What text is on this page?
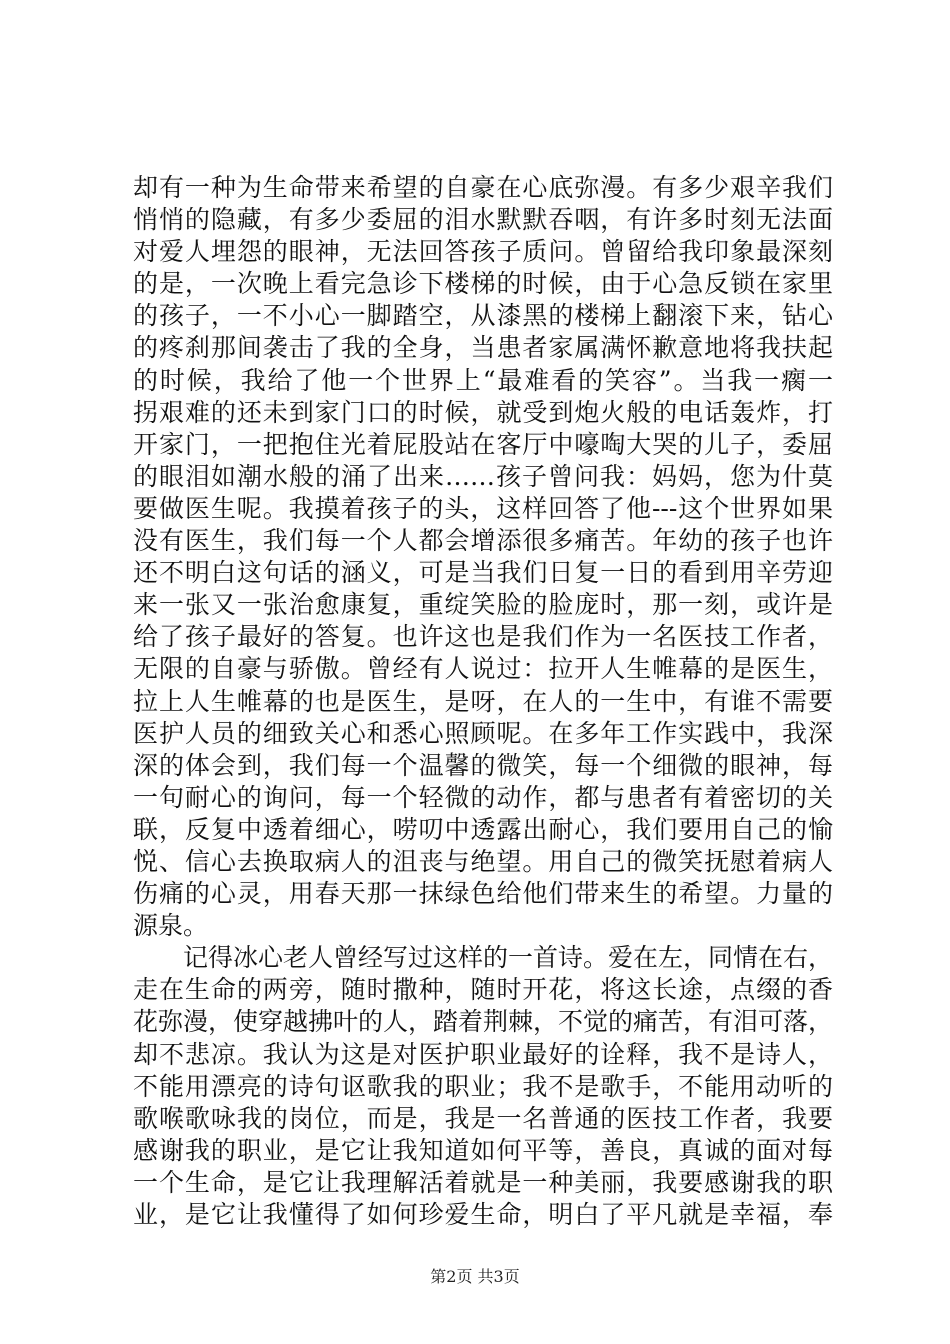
却有一种为生命带来希望的自豪在心底弥漫。有多少艰辛我们
悄悄的隐藏，有多少委屈的泪水默默吞咽，有许多时刻无法面
对爱人埋怨的眼神，无法回答孩子质问。曾留给我印象最深刻
的是，一次晚上看完急诊下楼梯的时候，由于心急反锁在家里
的孩子，一不小心一脚踏空，从漆黑的楼梯上翻滚下来，钻心
的疼刹那间袭击了我的全身，当患者家属满怀歉意地将我扶起
的时候，我给了他一个世界上“最难看的笑容”。当我一瘸一
拐艰难的还未到家门口的时候，就受到炮火般的电话轰炸，打
开家门，一把抱住光着屁股站在客厅中嚎啕大哭的儿子，委屈
的眼泪如潮水般的涌了出来……孩子曾问我：妈妈，您为什莫
要做医生呢。我摸着孩子的头，这样回答了他---这个世界如果
没有医生，我们每一个人都会增添很多痛苦。年幼的孩子也许
还不明白这句话的涵义，可是当我们日复一日的看到用辛劳迎
来一张又一张治愈康复，重绽笑脸的脸庞时，那一刻，或许是
给了孩子最好的答复。也许这也是我们作为一名医技工作者，
无限的自豪与骄傲。曾经有人说过：拉开人生帷幕的是医生，
拉上人生帷幕的也是医生，是呀，在人的一生中，有谁不需要
医护人员的细致关心和悉心照顾呢。在多年工作实践中，我深
深的体会到，我们每一个温馨的微笑，每一个细微的眼神，每
一句耐心的询问，每一个轻微的动作，都与患者有着密切的关
联，反复中透着细心，唠叨中透露出耐心，我们要用自己的愉
悦、信心去换取病人的沮丧与绝望。用自己的微笑抚慰着病人
伤痛的心灵，用春天那一抹绿色给他们带来生的希望。力量的
源泉。
记得冰心老人曾经写过这样的一首诗。爱在左，同情在右，
走在生命的两旁，随时撒种，随时开花，将这长途，点缀的香
花弥漫，使穿越拂叶的人，踏着荆棘，不觉的痛苦，有泪可落，
却不悲凉。我认为这是对医护职业最好的诠释，我不是诗人，
不能用漂亮的诗句讴歌我的职业；我不是歌手，不能用动听的
歌喉歌咏我的岗位，而是，我是一名普通的医技工作者，我要
感谢我的职业，是它让我知道如何平等，善良，真诚的面对每
一个生命，是它让我理解活着就是一种美丽，我要感谢我的职
业，是它让我懂得了如何珍爱生命，明白了平凡就是幸福，奉
第2页 共3页
